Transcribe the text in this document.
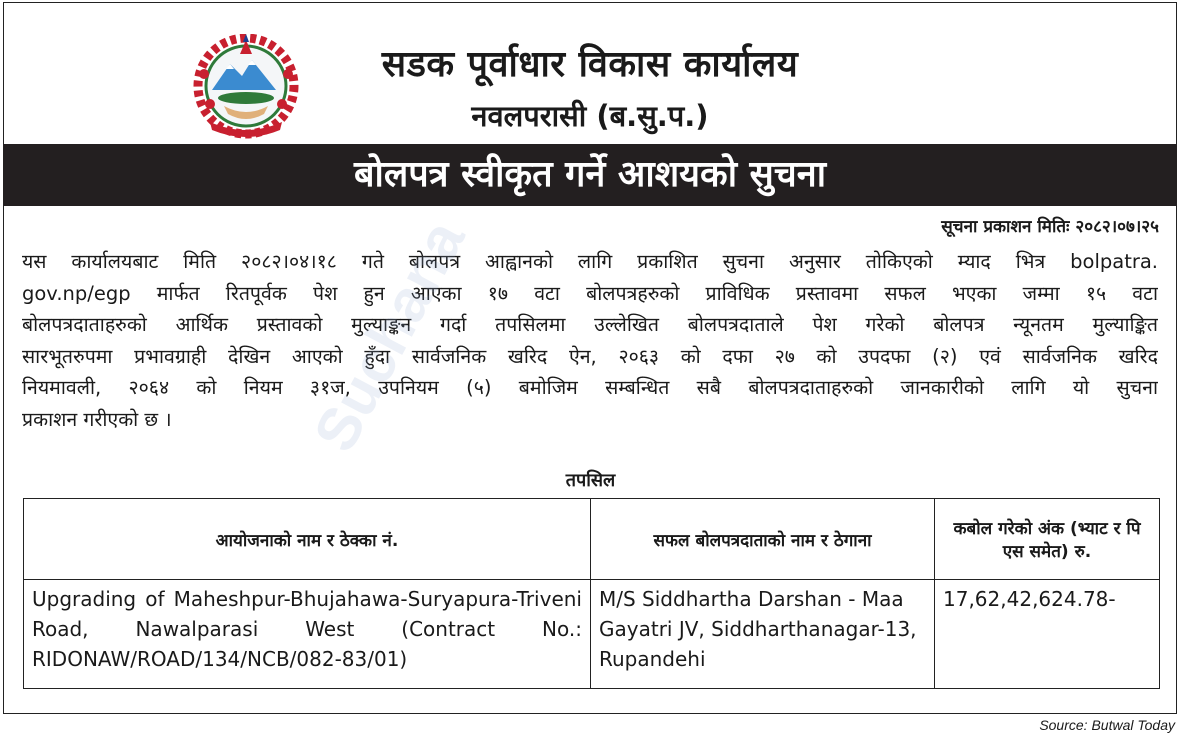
सडक पूर्वाधार विकास कार्यालय
नवलपरासी (ब.सु.प.)
बोलपत्र स्वीकृत गर्ने आशयको सुचना
सूचना प्रकाशन मितिः २०८२।०७।२५
यस कार्यालयबाट मिति २०८२।०४।१८ गते बोलपत्र आह्वानको लागि प्रकाशित सुचना अनुसार तोकिएको म्याद भित्र bolpatra.
gov.np/egp मार्फत रितपूर्वक पेश हुन आएका १७ वटा बोलपत्रहरुको प्राविधिक प्रस्तावमा सफल भएका जम्मा १५ वटा
बोलपत्रदाताहरुको आर्थिक प्रस्तावको मुल्याङ्कन गर्दा तपसिलमा उल्लेखित बोलपत्रदाताले पेश गरेको बोलपत्र न्यूनतम मुल्याङ्कित
सारभूतरुपमा प्रभावग्राही देखिन आएको हुँदा सार्वजनिक खरिद ऐन, २०६३ को दफा २७ को उपदफा (२) एवं सार्वजनिक खरिद
नियमावली, २०६४ को नियम ३१ज, उपनियम (५) बमोजिम सम्बन्धित सबै बोलपत्रदाताहरुको जानकारीको लागि यो सुचना
प्रकाशन गरीएको छ ।	Suchana
तपसिल
आयोजनाको नाम र ठेक्का नं.	सफल बोलपत्रदाताको नाम र ठेगाना	कबोल गरेको अंक (भ्याट र पि एस समेत) रु.
Upgrading of Maheshpur-Bhujahawa-Suryapura-Triveni Road, Nawalparasi West (Contract No.: RIDONAW/ROAD/134/NCB/082-83/01)	M/S Siddhartha Darshan - Maa Gayatri JV, Siddharthanagar-13, Rupandehi	17,62,42,624.78-
Source: Butwal Today
